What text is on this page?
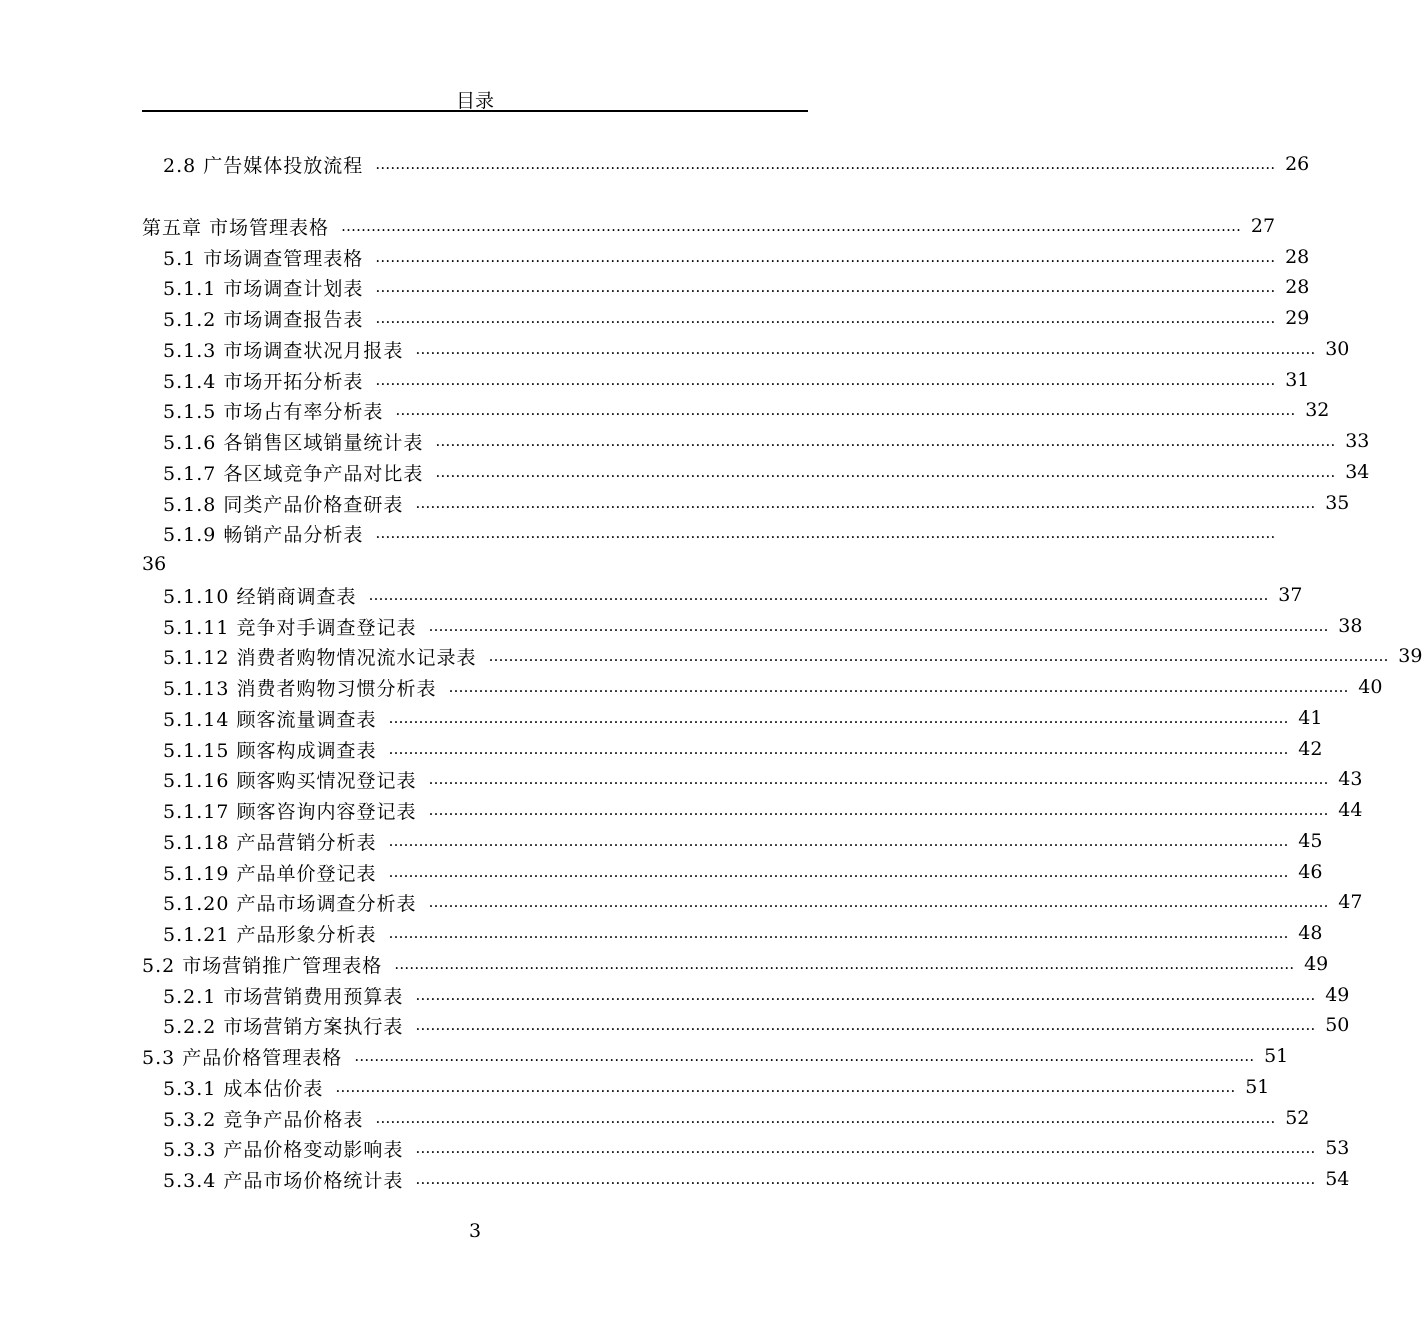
目录
2.8 广告媒体投放流程 ……………………………………………………………………………………………………………………………………………………………… 26
第五章 市场管理表格 ……………………………………………………………………………………………………………………………………………………………… 27
5.1 市场调查管理表格 ……………………………………………………………………………………………………………………………………………………………… 28
5.1.1 市场调查计划表 ……………………………………………………………………………………………………………………………………………………………… 28
5.1.2 市场调查报告表 ……………………………………………………………………………………………………………………………………………………………… 29
5.1.3 市场调查状况月报表 ……………………………………………………………………………………………………………………………………………………………… 30
5.1.4 市场开拓分析表 ……………………………………………………………………………………………………………………………………………………………… 31
5.1.5 市场占有率分析表 ……………………………………………………………………………………………………………………………………………………………… 32
5.1.6 各销售区域销量统计表 ……………………………………………………………………………………………………………………………………………………………… 33
5.1.7 各区域竞争产品对比表 ……………………………………………………………………………………………………………………………………………………………… 34
5.1.8 同类产品价格查研表 ……………………………………………………………………………………………………………………………………………………………… 35
5.1.9 畅销产品分析表 ………………………………………………………………………………………………………………………………………………………………
36
5.1.10 经销商调查表 ……………………………………………………………………………………………………………………………………………………………… 37
5.1.11 竞争对手调查登记表 ……………………………………………………………………………………………………………………………………………………………… 38
5.1.12 消费者购物情况流水记录表 ……………………………………………………………………………………………………………………………………………………………… 39
5.1.13 消费者购物习惯分析表 ……………………………………………………………………………………………………………………………………………………………… 40
5.1.14 顾客流量调查表 ……………………………………………………………………………………………………………………………………………………………… 41
5.1.15 顾客构成调查表 ……………………………………………………………………………………………………………………………………………………………… 42
5.1.16 顾客购买情况登记表 ……………………………………………………………………………………………………………………………………………………………… 43
5.1.17 顾客咨询内容登记表 ……………………………………………………………………………………………………………………………………………………………… 44
5.1.18 产品营销分析表 ……………………………………………………………………………………………………………………………………………………………… 45
5.1.19 产品单价登记表 ……………………………………………………………………………………………………………………………………………………………… 46
5.1.20 产品市场调查分析表 ……………………………………………………………………………………………………………………………………………………………… 47
5.1.21 产品形象分析表 ……………………………………………………………………………………………………………………………………………………………… 48
5.2 市场营销推广管理表格 ……………………………………………………………………………………………………………………………………………………………… 49
5.2.1 市场营销费用预算表 ……………………………………………………………………………………………………………………………………………………………… 49
5.2.2 市场营销方案执行表 ……………………………………………………………………………………………………………………………………………………………… 50
5.3 产品价格管理表格 ……………………………………………………………………………………………………………………………………………………………… 51
5.3.1 成本估价表 ……………………………………………………………………………………………………………………………………………………………… 51
5.3.2 竞争产品价格表 ……………………………………………………………………………………………………………………………………………………………… 52
5.3.3 产品价格变动影响表 ……………………………………………………………………………………………………………………………………………………………… 53
5.3.4 产品市场价格统计表 ……………………………………………………………………………………………………………………………………………………………… 54
3
